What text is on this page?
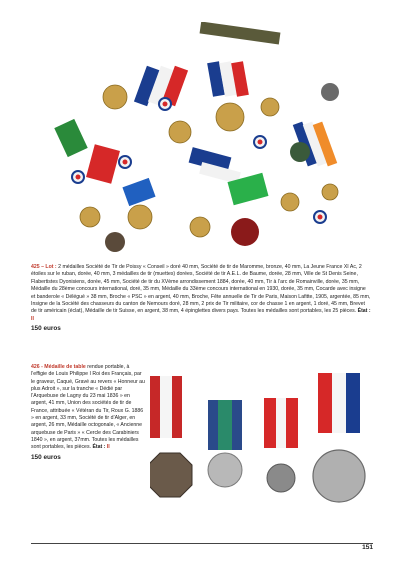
425 – Lot : 2 médailles Société de Tir de Poissy « Conseil » doré 40 mm, Société de tir de Maromme, bronze, 40 mm, La Jeune France XI Ac, 2 étoiles sur le ruban, dorée, 40 mm, 3 médailles de tir (muettes) dorées, Société de tir A.E.L. de Baume, dorée, 28 mm, Ville de St Denis Seine, Flabertistes Dyonisiens, dorée, 45 mm, Société de tir du XVème arrondissement 1884, dorée, 40 mm, Tir à l’arc de Romainville, dorée, 35 mm, Médaille du 28ème concours international, doré, 35 mm, Médaille du 33ème concours international en 1930, dorée, 35 mm, Cocarde avec insigne et banderole « Délégué » 38 mm, Broche « PSC » en argent, 40 mm, Broche, Fête annuelle de Tir de Paris, Maison Lafitte, 1905, argentée, 85 mm, Insigne de la Société des chasseurs du canton de Nemours doré, 28 mm, 2 prix de Tir militaire, cor de chasse 1 en argent, 1 doré, 45 mm, Brevet de tir américain (éclat), Médaille de tir Suisse, en argent, 38 mm, 4 épinglettes divers pays. Toutes les médailles sont portables, les 25 pièces. État : II
150 euros
426 - Médaille de table rendue portable, à l’effigie de Louis Philippe I Roi des Français, par le graveur, Caqué, Gravé au revers « Honneur au plus Adroit », sur la tranche « Dédié par l’Arquebuse de Lagny du 23 mai 1836 » en argent, 41 mm, Union des sociétés de tir de France, attribuée « Vétéran du Tir, Roux G. 1886 » en argent, 33 mm, Société de tir d’Alger, en argent, 26 mm, Médaille octogonale, « Ancienne arquebuse de Paris » « Cercle des Carabiniers 1840 », en argent, 37mm. Toutes les médailles sont portables, les pièces. État : II
150 euros
151
